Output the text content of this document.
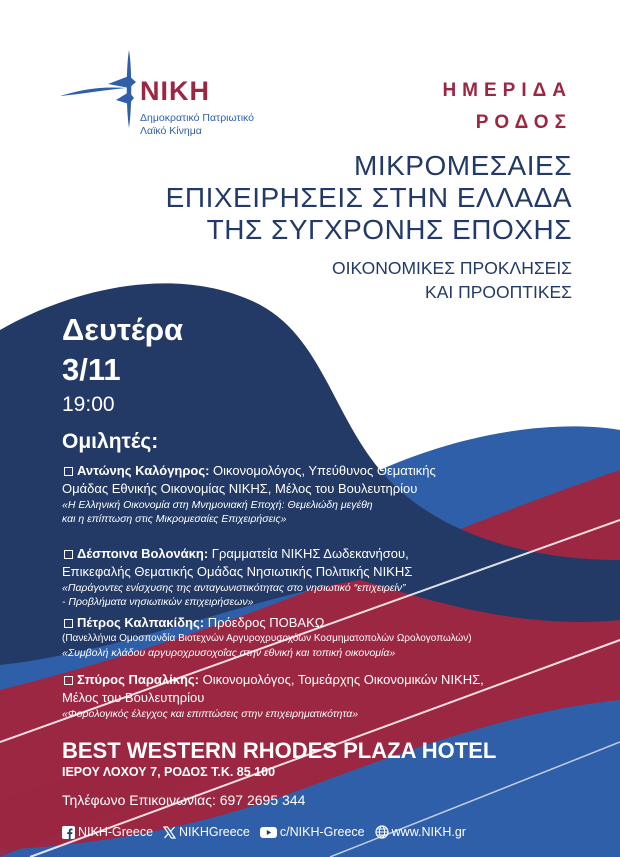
NIKH
Δημοκρατικό Πατριωτικό
Λαϊκό Κίνημα
ΗΜΕΡΙΔΑ
ΡΟΔΟΣ
ΜΙΚΡΟΜΕΣΑΙΕΣ
ΕΠΙΧΕΙΡΗΣΕΙΣ ΣΤΗΝ ΕΛΛΑΔΑ
ΤΗΣ ΣΥΓΧΡΟΝΗΣ ΕΠΟΧΗΣ
ΟΙΚΟΝΟΜΙΚΕΣ ΠΡΟΚΛΗΣΕΙΣ
ΚΑΙ ΠΡΟΟΠΤΙΚΕΣ
Δευτέρα
3/11
19:00
Ομιλητές:
Αντώνης Καλόγηρος: Οικονομολόγος, Υπεύθυνος Θεματικής
Ομάδας Εθνικής Οικονομίας ΝΙΚΗΣ, Μέλος του Βουλευτηρίου
«Η Ελληνική Οικονομία στη Μνημονιακή Εποχή: Θεμελιώδη μεγέθη
και η επίπτωση στις Μικρομεσαίες Επιχειρήσεις»
Δέσποινα Βολονάκη: Γραμματεία ΝΙΚΗΣ Δωδεκανήσου,
Επικεφαλής Θεματικής Ομάδας Νησιωτικής Πολιτικής ΝΙΚΗΣ
«Παράγοντες ενίσχυσης της ανταγωνιστικότητας στο νησιωτικό “επιχειρείν”
- Προβλήματα νησιωτικών επιχειρήσεων»
Πέτρος Καλπακίδης: Πρόεδρος ΠΟΒΑΚΩ
(Πανελλήνια Ομοσπονδία Βιοτεχνών Αργυροχρυσοχόων Κοσμηματοπολών Ωρολογοπωλών)
«Συμβολή κλάδου αργυροχρυσοχοΐας στην εθνική και τοπική οικονομία»
Σπύρος Παραλίκης: Οικονομολόγος, Τομεάρχης Οικονομικών ΝΙΚΗΣ,
Μέλος του Βουλευτηρίου
«Φορολογικός έλεγχος και επιπτώσεις στην επιχειρηματικότητα»
BEST WESTERN RHODES PLAZA HOTEL
ΙΕΡΟΥ ΛΟΧΟΥ 7, ΡΟΔΟΣ Τ.Κ. 85 100
Τηλέφωνο Επικοινωνίας: 697 2695 344
NIKH-Greece NIKHGreece c/NIKH-Greece www.NIKH.gr
